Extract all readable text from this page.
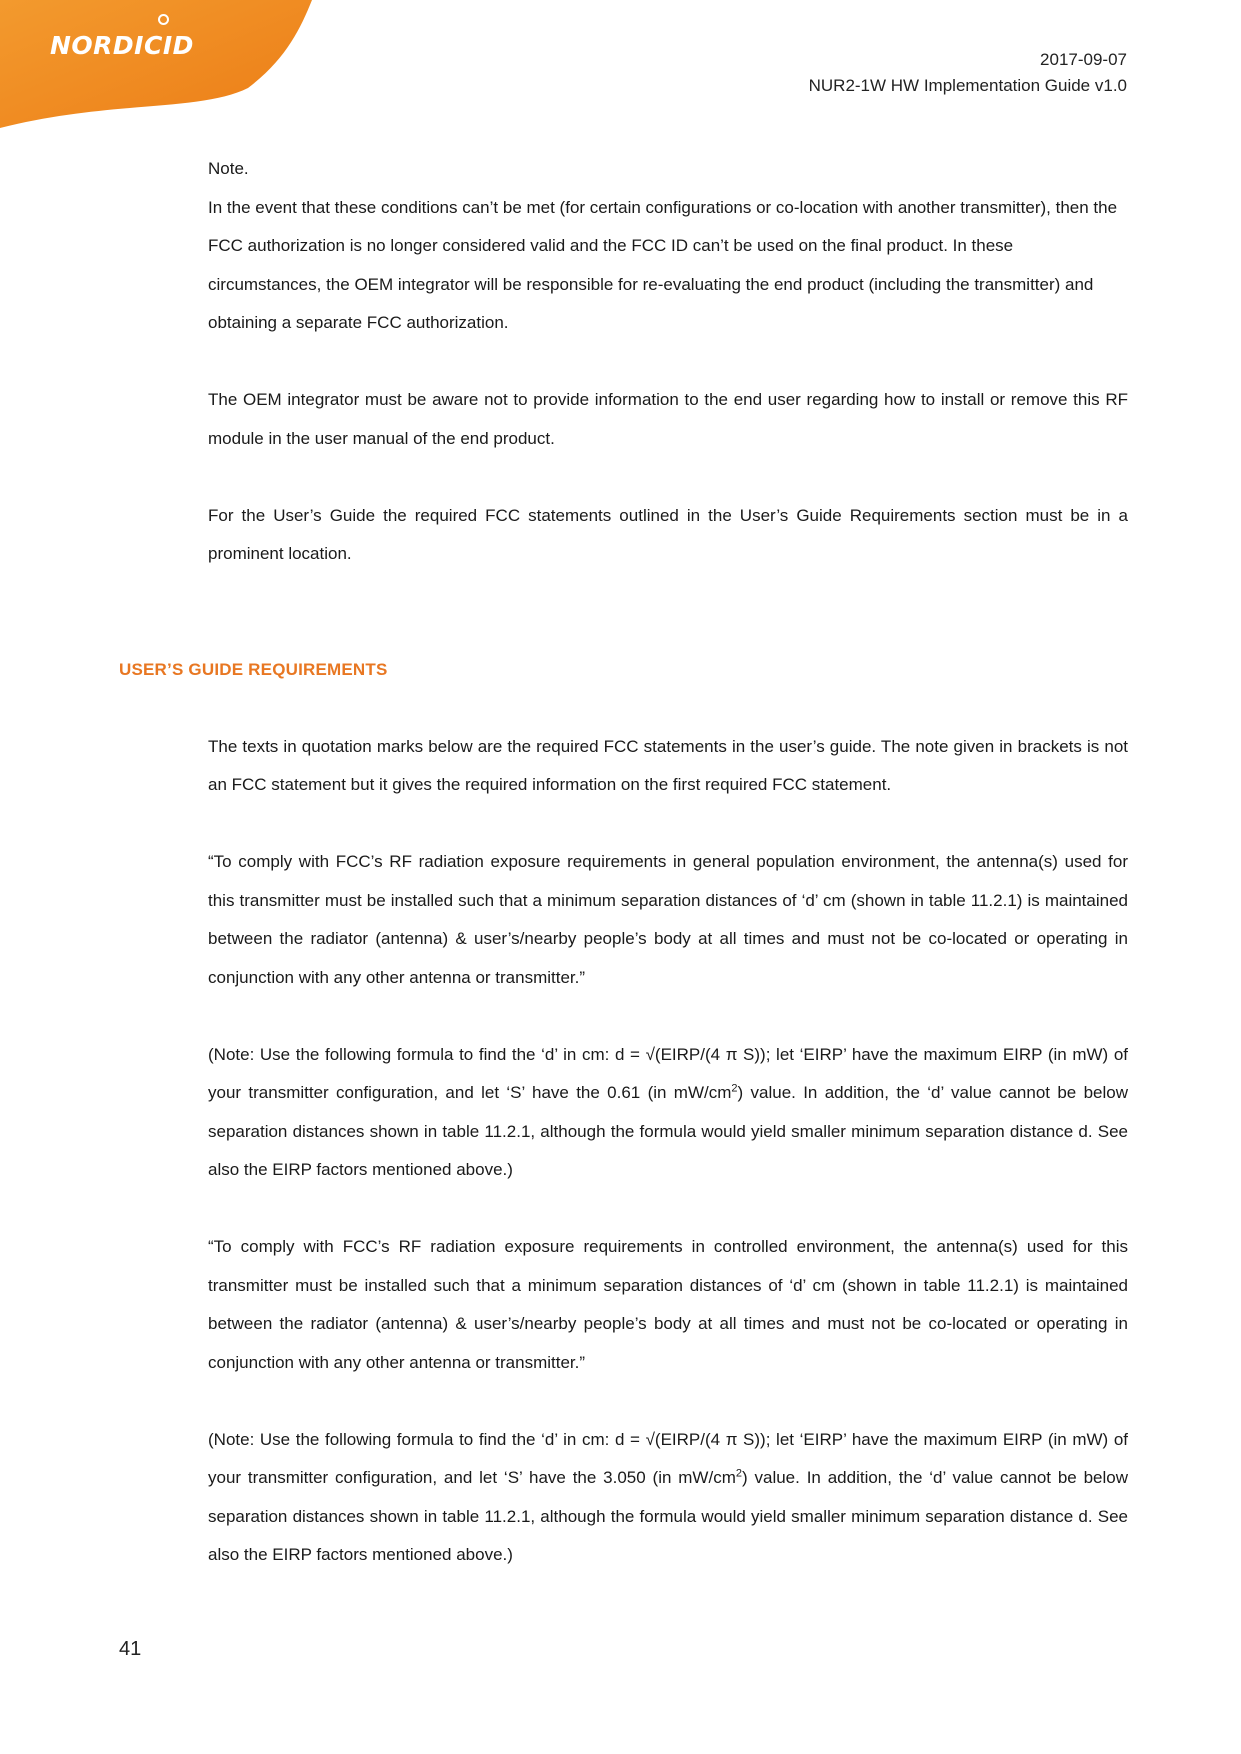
NORDICID	2017-09-07
NUR2-1W HW Implementation Guide v1.0

Note.

In the event that these conditions can’t be met (for certain configurations or co-location with another transmitter), then the FCC authorization is no longer considered valid and the FCC ID can’t be used on the final product. In these circumstances, the OEM integrator will be responsible for re-evaluating the end product (including the transmitter) and obtaining a separate FCC authorization.

The OEM integrator must be aware not to provide information to the end user regarding how to install or remove this RF module in the user manual of the end product.

For the User’s Guide the required FCC statements outlined in the User’s Guide Requirements section must be in a prominent location.

USER’S GUIDE REQUIREMENTS

The texts in quotation marks below are the required FCC statements in the user’s guide. The note given in brackets is not an FCC statement but it gives the required information on the first required FCC statement.

“To comply with FCC’s RF radiation exposure requirements in general population environment, the antenna(s) used for this transmitter must be installed such that a minimum separation distances of ‘d’ cm (shown in table 11.2.1) is maintained between the radiator (antenna) & user’s/nearby people’s body at all times and must not be co-located or operating in conjunction with any other antenna or transmitter.”

(Note: Use the following formula to find the ‘d’ in cm: d = √(EIRP/(4 π S)); let ‘EIRP’ have the maximum EIRP (in mW) of your transmitter configuration, and let ‘S’ have the 0.61 (in $mW/cm^2$) value. In addition, the ‘d’ value cannot be below separation distances shown in table 11.2.1, although the formula would yield smaller minimum separation distance d. See also the EIRP factors mentioned above.)

“To comply with FCC’s RF radiation exposure requirements in controlled environment, the antenna(s) used for this transmitter must be installed such that a minimum separation distances of ‘d’ cm (shown in table 11.2.1) is maintained between the radiator (antenna) & user’s/nearby people’s body at all times and must not be co-located or operating in conjunction with any other antenna or transmitter.”

(Note: Use the following formula to find the ‘d’ in cm: d = √(EIRP/(4 π S)); let ‘EIRP’ have the maximum EIRP (in mW) of your transmitter configuration, and let ‘S’ have the 3.050 (in $mW/cm^2$) value. In addition, the ‘d’ value cannot be below separation distances shown in table 11.2.1, although the formula would yield smaller minimum separation distance d. See also the EIRP factors mentioned above.)

41
